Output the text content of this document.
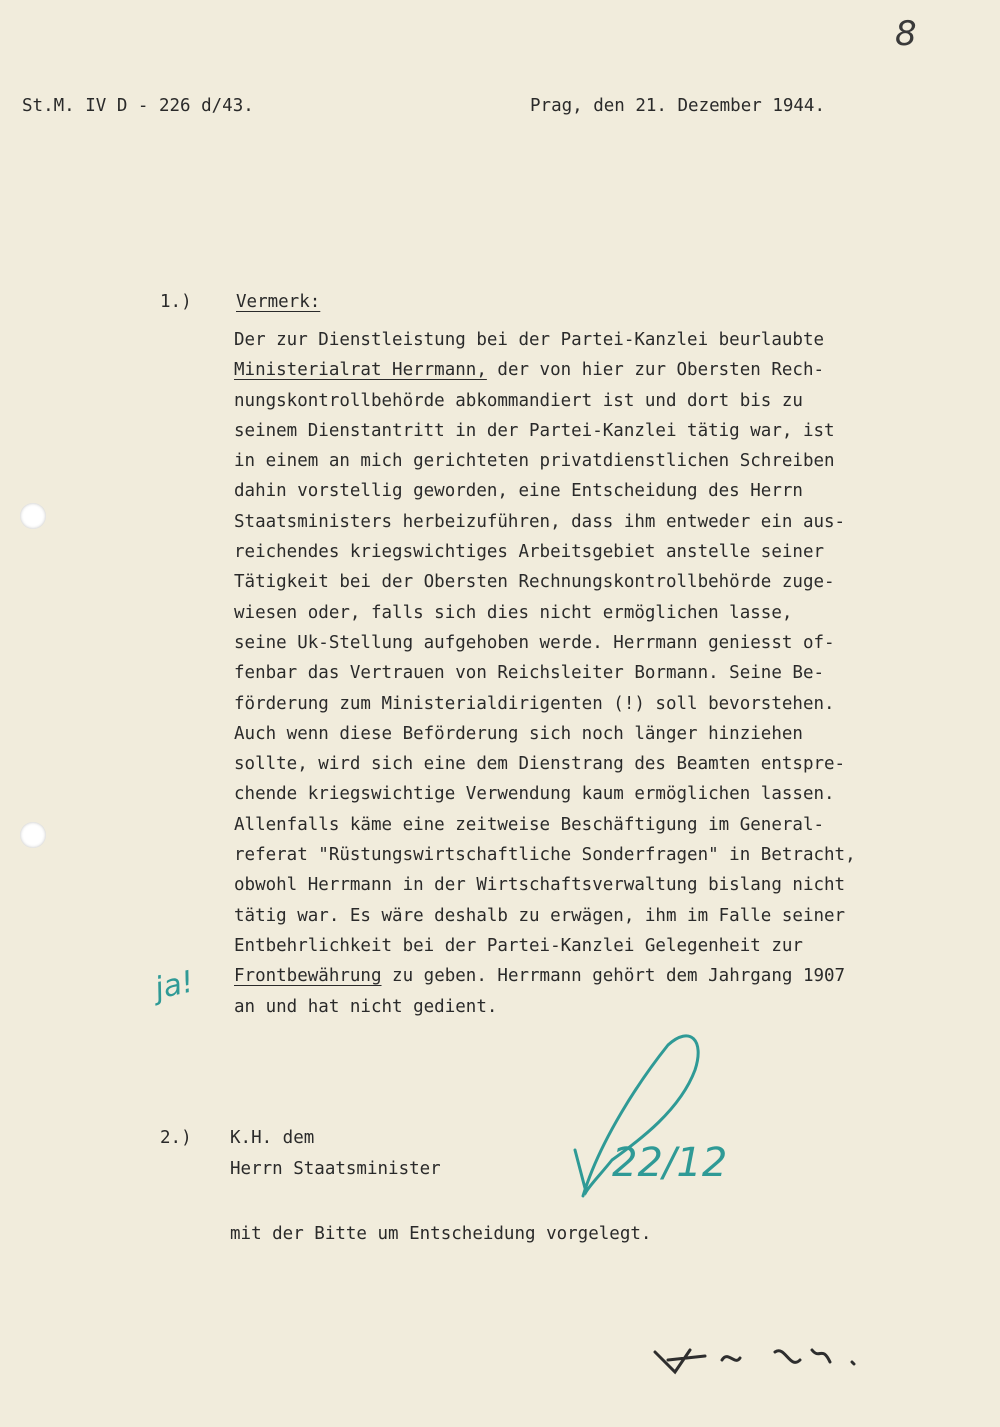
8
St.M. IV D - 226 d/43.	Prag, den 21. Dezember 1944.
1.)	Vermerk:
Der zur Dienstleistung bei der Partei-Kanzlei beurlaubte
Ministerialrat Herrmann, der von hier zur Obersten Rech-
nungskontrollbehörde abkommandiert ist und dort bis zu
seinem Dienstantritt in der Partei-Kanzlei tätig war, ist
in einem an mich gerichteten privatdienstlichen Schreiben
dahin vorstellig geworden, eine Entscheidung des Herrn
Staatsministers herbeizuführen, dass ihm entweder ein aus-
reichendes kriegswichtiges Arbeitsgebiet anstelle seiner
Tätigkeit bei der Obersten Rechnungskontrollbehörde zuge-
wiesen oder, falls sich dies nicht ermöglichen lasse,
seine Uk-Stellung aufgehoben werde. Herrmann geniesst of-
fenbar das Vertrauen von Reichsleiter Bormann. Seine Be-
förderung zum Ministerialdirigenten (!) soll bevorstehen.
Auch wenn diese Beförderung sich noch länger hinziehen
sollte, wird sich eine dem Dienstrang des Beamten entspre-
chende kriegswichtige Verwendung kaum ermöglichen lassen.
Allenfalls käme eine zeitweise Beschäftigung im General-
referat "Rüstungswirtschaftliche Sonderfragen" in Betracht,
obwohl Herrmann in der Wirtschaftsverwaltung bislang nicht
tätig war. Es wäre deshalb zu erwägen, ihm im Falle seiner
Entbehrlichkeit bei der Partei-Kanzlei Gelegenheit zur
Frontbewährung zu geben. Herrmann gehört dem Jahrgang 1907
an und hat nicht gedient.
ja!
2.) K.H. dem
Herrn Staatsminister
mit der Bitte um Entscheidung vorgelegt.
22/12
